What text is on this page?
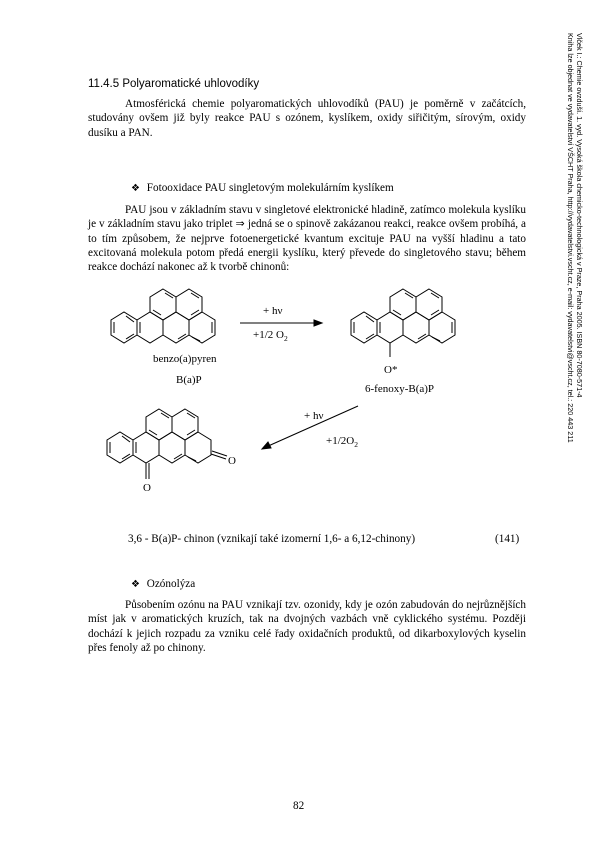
11.4.5 Polyaromatické uhlovodíky
Atmosférická chemie polyaromatických uhlovodíků (PAU) je poměrně v začátcích, studovány ovšem již byly reakce PAU s ozónem, kyslíkem, oxidy siřičitým, sírovým, oxidy dusíku a PAN.
❖ Fotooxidace PAU singletovým molekulárním kyslíkem
PAU jsou v základním stavu v singletové elektronické hladině, zatímco molekula kyslíku je v základním stavu jako triplet ⇒ jedná se o spinově zakázanou reakci, reakce ovšem probíhá, a to tím způsobem, že nejprve fotoenergetické kvantum excituje PAU na vyšší hladinu a tato excitovaná molekula potom předá energii kyslíku, který převede do singletového stavu; během reakce dochází nakonec až k tvorbě chinonů:
benzo(a)pyren
B(a)P
+ hν
+1/2 $O_2$
O*
6-fenoxy-B(a)P
+ hν
$+1/2O_2$
O
O
3,6 - B(a)P- chinon (vznikají také izomerní 1,6- a 6,12-chinony)	(141)
❖ Ozónolýza
Působením ozónu na PAU vznikají tzv. ozonidy, kdy je ozón zabudován do nejrůznějších míst jak v aromatických kruzích, tak na dvojných vazbách vně cyklického systému. Později dochází k jejich rozpadu za vzniku celé řady oxidačních produktů, od dikarboxylových kyselin přes fenoly až po chinony.
Vlček I.: Chemie ovzduší. 1. vyd. Vysoká škola chemicko-technologická v Praze, Praha 2005. ISBN 80-7080-571-4
Kniha lze objednat ve vydavatelství VŠCHT Praha, http://vydavatelstvi.vscht.cz, e-mail: vydavatelstvi@vscht.cz, tel.: 220 443 211
82
